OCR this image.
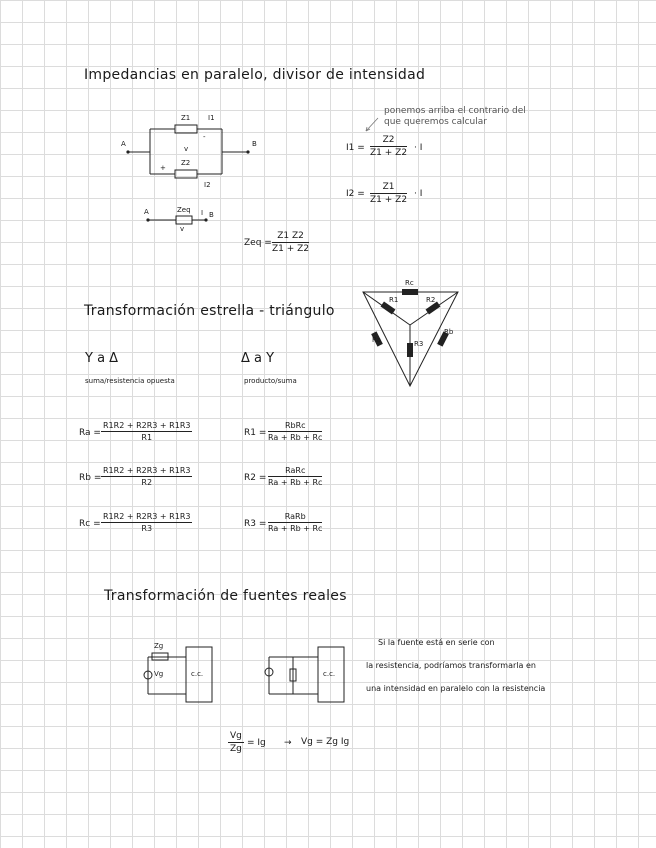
Impedancias en paralelo, divisor de intensidad
A	B
Z1	I1
Z2
I2
v
+
-
A	B
Zeq I
v
Zeq = $\frac{Z1 Z2}{Z1 + Z2}$
ponemos arriba el contrario del que queremos calcular
$I1 = \frac{Z2}{Z1 + Z2} \cdot I$
$I2 = \frac{Z1}{Z1 + Z2} \cdot I$
Transformación estrella - triángulo
Rc
Ra
Rb
R1	R2
R3
Y a Δ
suma/resistencia opuesta
Δ a Y
producto/suma
$Ra = \frac{R1R2 + R2R3 + R1R3}{R1}$
$Rb = \frac{R1R2 + R2R3 + R1R3}{R2}$
$Rc = \frac{R1R2 + R2R3 + R1R3}{R3}$
R1 =
RbRc
Ra + Rb + Rc
R2 =
RaRc
Ra + Rb + Rc
R3 =
RaRb
Ra + Rb + Rc
Transformación de fuentes reales
Zg
Vg	c.c.	c.c.
Si la fuente está en serie con
la resistencia, podríamos transformarla en
una intensidad en paralelo con la resistencia
$\frac{Vg}{Zg} = Ig \to Vg = Zg$ Ig
